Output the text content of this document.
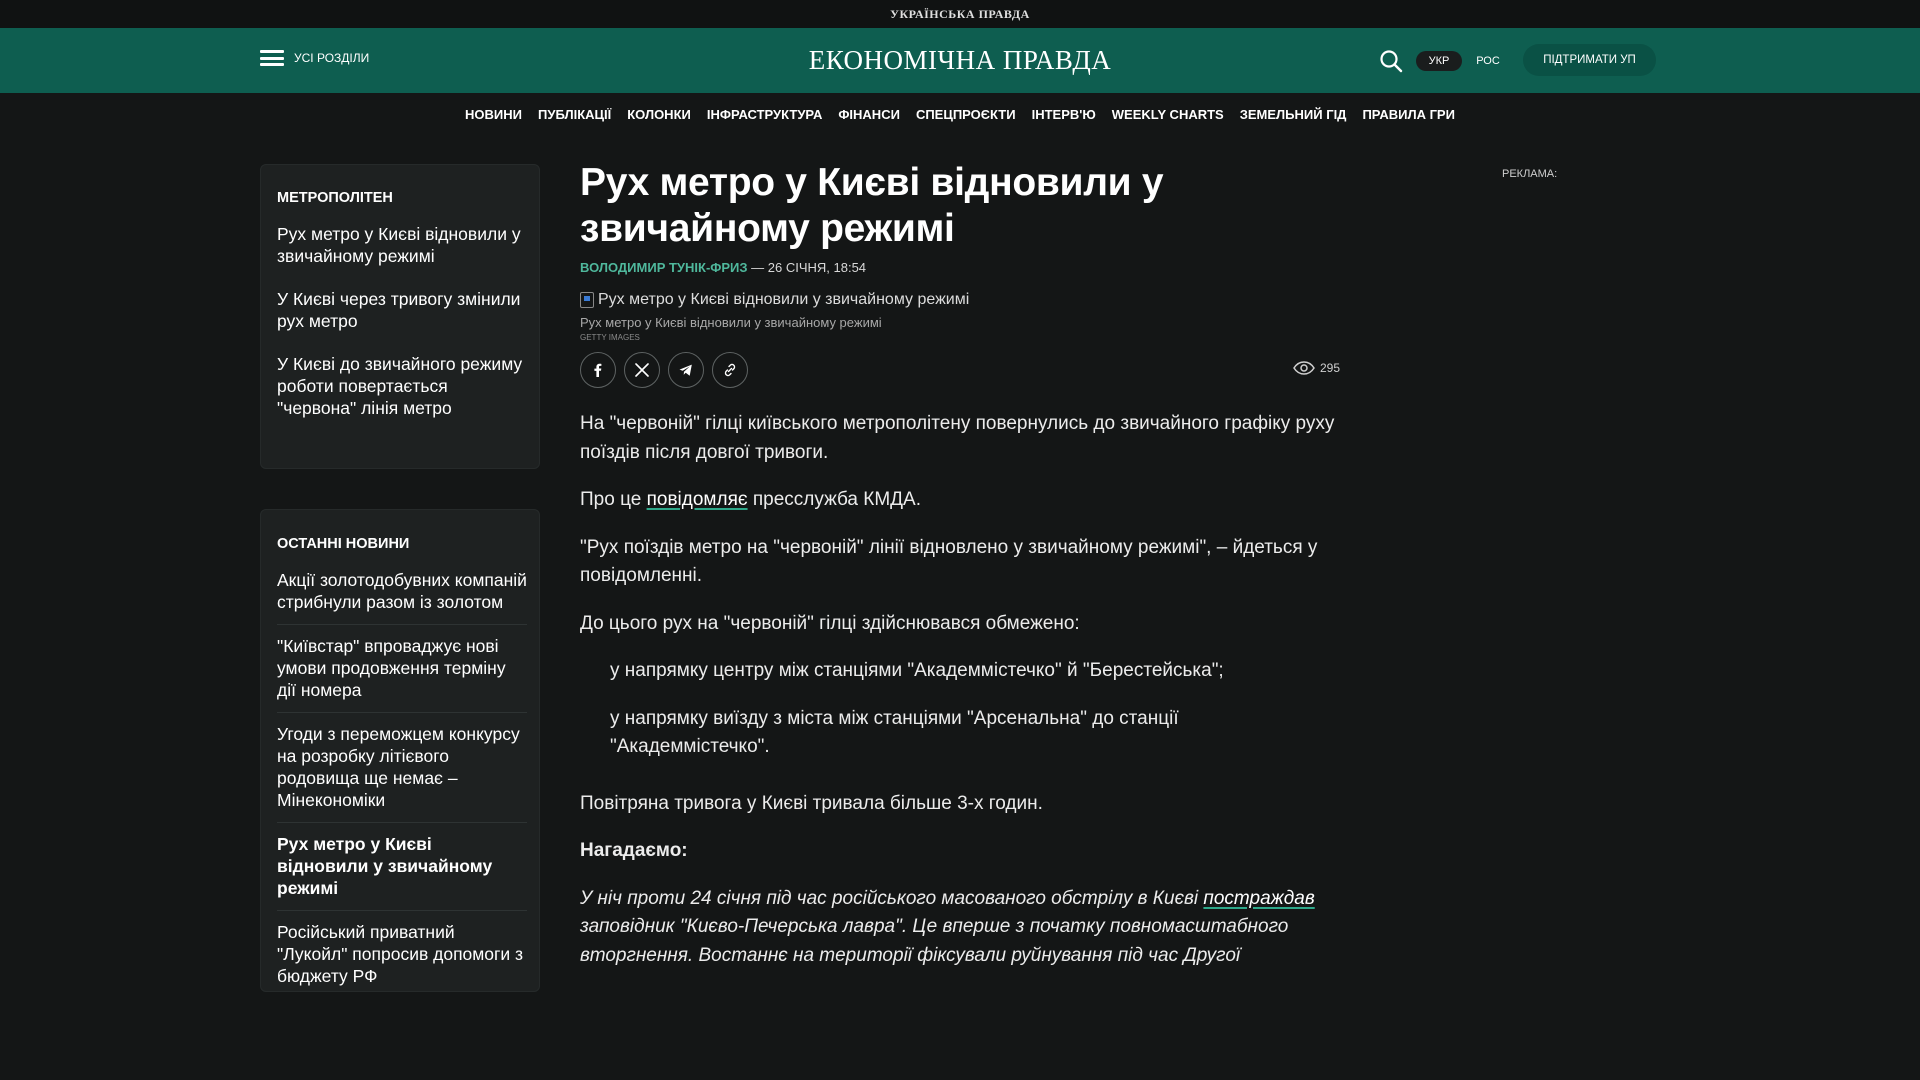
УКРАЇНСЬКА ПРАВДА
УСІ РОЗДІЛИ	ЕКОНОМІЧНА ПРАВДА	УКР	РОС	ПІДТРИМАТИ УП
НОВИНИ ПУБЛІКАЦІЇ КОЛОНКИ ІНФРАСТРУКТУРА ФІНАНСИ СПЕЦПРОЄКТИ ІНТЕРВ'Ю WEEKLY CHARTS ЗЕМЕЛЬНИЙ ГІД ПРАВИЛА ГРИ
МЕТРОПОЛІТЕН
Рух метро у Києві відновили у звичайному режимі
У Києві через тривогу змінили рух метро
У Києві до звичайного режиму роботи повертається "червона" лінія метро
ОСТАННІ НОВИНИ
Акції золотодобувних компаній стрибнули разом із золотом
"Київстар" впроваджує нові умови продовження терміну дії номера
Угоди з переможцем конкурсу на розробку літієвого родовища ще немає – Мінекономіки
Рух метро у Києві відновили у звичайному режимі
Російський приватний "Лукойл" попросив допомоги з бюджету РФ
Рух метро у Києві відновили у звичайному режимі
ВОЛОДИМИР ТУНІК-ФРИЗ — 26 СІЧНЯ, 18:54
Рух метро у Києві відновили у звичайному режимі
Рух метро у Києві відновили у звичайному режимі
GETTY IMAGES
295

На "червоній" гілці київського метрополітену повернулись до звичайного графіку руху поїздів після довгої тривоги.

Про це повідомляє пресслужба КМДА.

"Рух поїздів метро на "червоній" лінії відновлено у звичайному режимі", – йдеться у повідомленні.

До цього рух на "червоній" гілці здійснювався обмежено:

у напрямку центру між станціями "Академмістечко" й "Берестейська";
у напрямку виїзду з міста між станціями "Арсенальна" до станції "Академмістечко".

Повітряна тривога у Києві тривала більше 3-х годин.

Нагадаємо:

У ніч проти 24 січня під час російського масованого обстрілу в Києві постраждав заповідник "Києво-Печерська лавра". Це вперше з початку повномасштабного вторгнення. Востаннє на території фіксували руйнування під час Другої

РЕКЛАМА:
